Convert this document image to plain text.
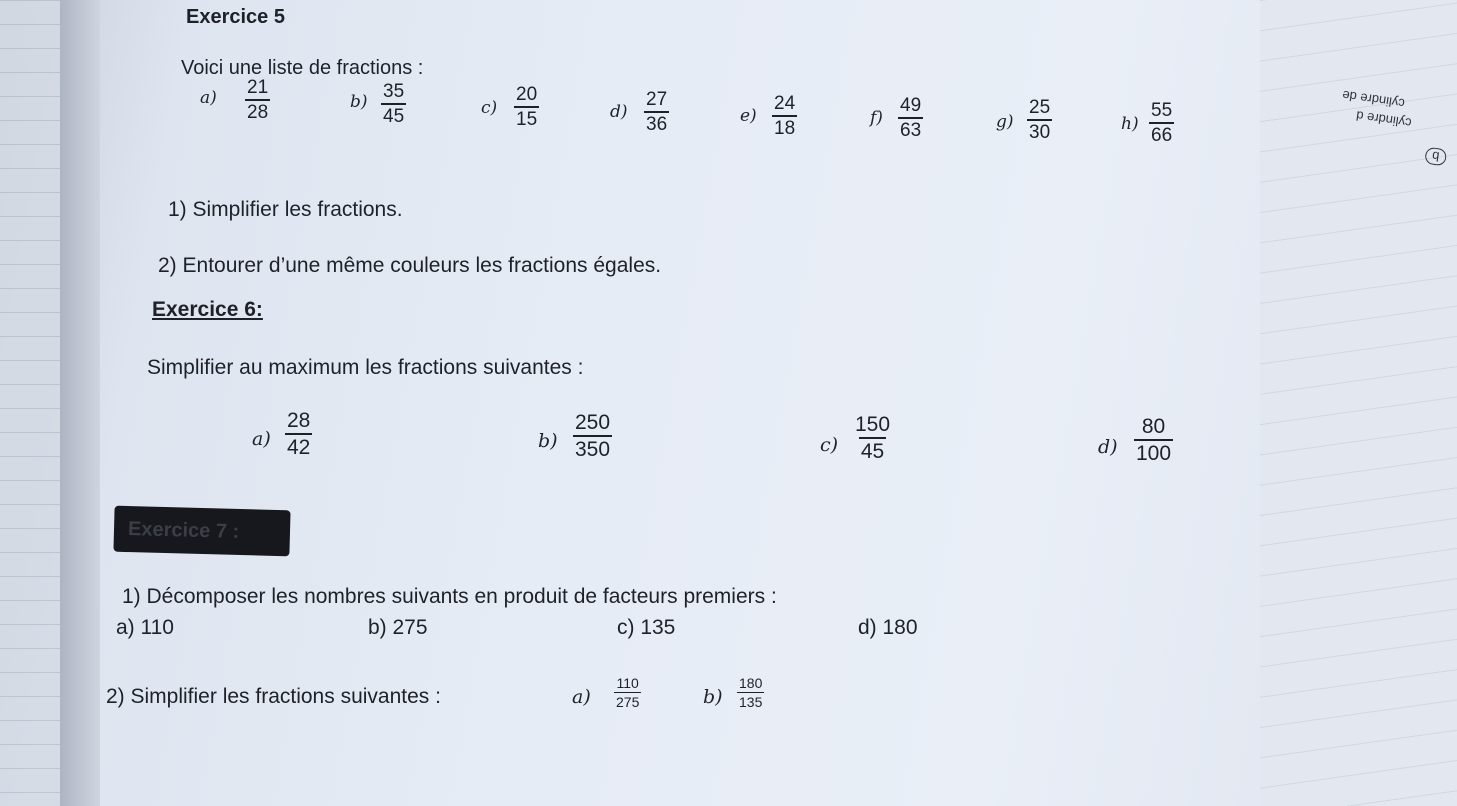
cylindre de
cylindre d
b
Exercice 5
Voici une liste de fractions :
$a) \frac{21}{28}$	$b) \frac{35}{45}$	$c) \frac{20}{15}$	$d) \frac{27}{36}$	$e) \frac{24}{18}$	$f) \frac{49}{63}$	$g) \frac{25}{30}$	$h) \frac{55}{66}$
1) Simplifier les fractions.
2) Entourer d’une même couleurs les fractions égales.
Exercice 6:
Simplifier au maximum les fractions suivantes :
$a) \frac{28}{42}$	$b) \frac{250}{350}$	$c) \frac{150}{45}$	$d) \frac{80}{100}$
Exercice 7 :
1) Décomposer les nombres suivants en produit de facteurs premiers :
a) 110	b) 275	c) 135	d) 180
2) Simplifier les fractions suivantes :	$a) \frac{110}{275}$	$b) \frac{180}{135}$
